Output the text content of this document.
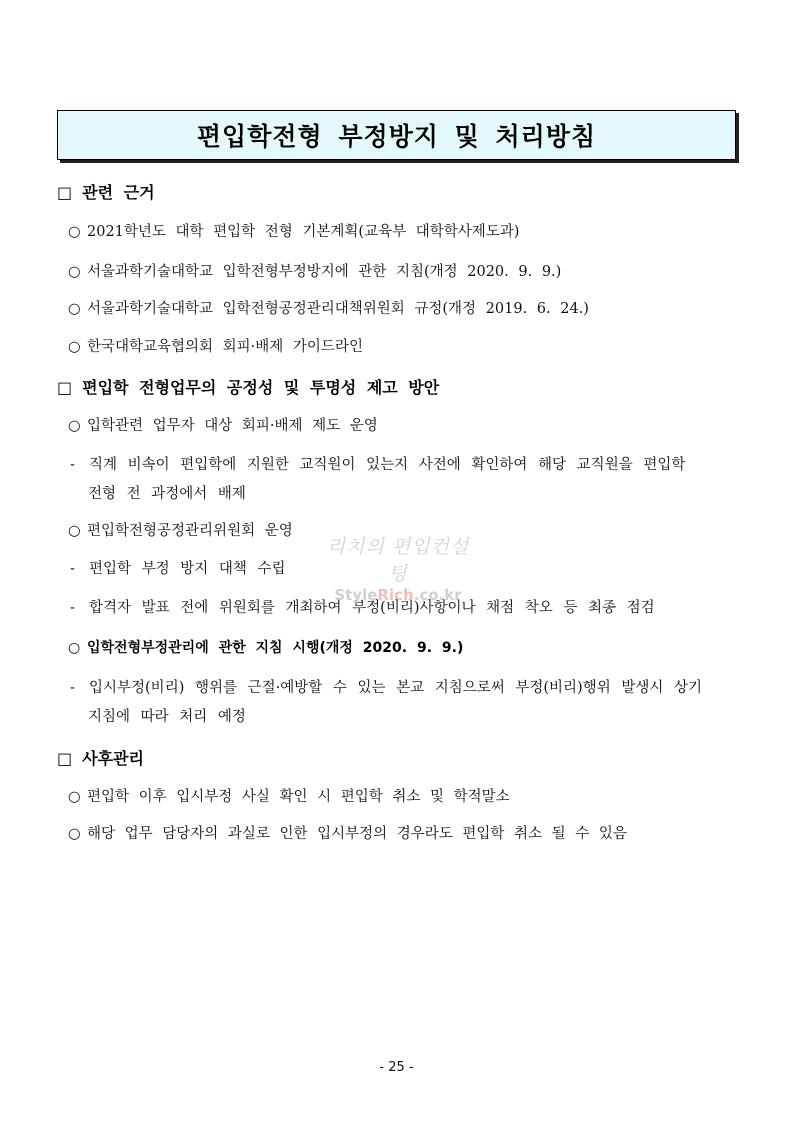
편입학전형 부정방지 및 처리방침
□ 관련 근거
○ 2021학년도 대학 편입학 전형 기본계획(교육부 대학학사제도과)
○ 서울과학기술대학교 입학전형부정방지에 관한 지침(개정 2020. 9. 9.)
○ 서울과학기술대학교 입학전형공정관리대책위원회 규정(개정 2019. 6. 24.)
○ 한국대학교육협의회 회피·배제 가이드라인
□ 편입학 전형업무의 공정성 및 투명성 제고 방안
○ 입학관련 업무자 대상 회피·배제 제도 운영
- 직계 비속이 편입학에 지원한 교직원이 있는지 사전에 확인하여 해당 교직원을 편입학
전형 전 과정에서 배제
○ 편입학전형공정관리위원회 운영
- 편입학 부정 방지 대책 수립
- 합격자 발표 전에 위원회를 개최하여 부정(비리)사항이나 채점 착오 등 최종 점검
○ 입학전형부정관리에 관한 지침 시행(개정 2020. 9. 9.)
- 입시부정(비리) 행위를 근절·예방할 수 있는 본교 지침으로써 부정(비리)행위 발생시 상기
지침에 따라 처리 예정
□ 사후관리
○ 편입학 이후 입시부정 사실 확인 시 편입학 취소 및 학적말소
○ 해당 업무 담당자의 과실로 인한 입시부정의 경우라도 편입학 취소 될 수 있음
리치의 편입컨설팅
StyleRich.co.kr
- 25 -
